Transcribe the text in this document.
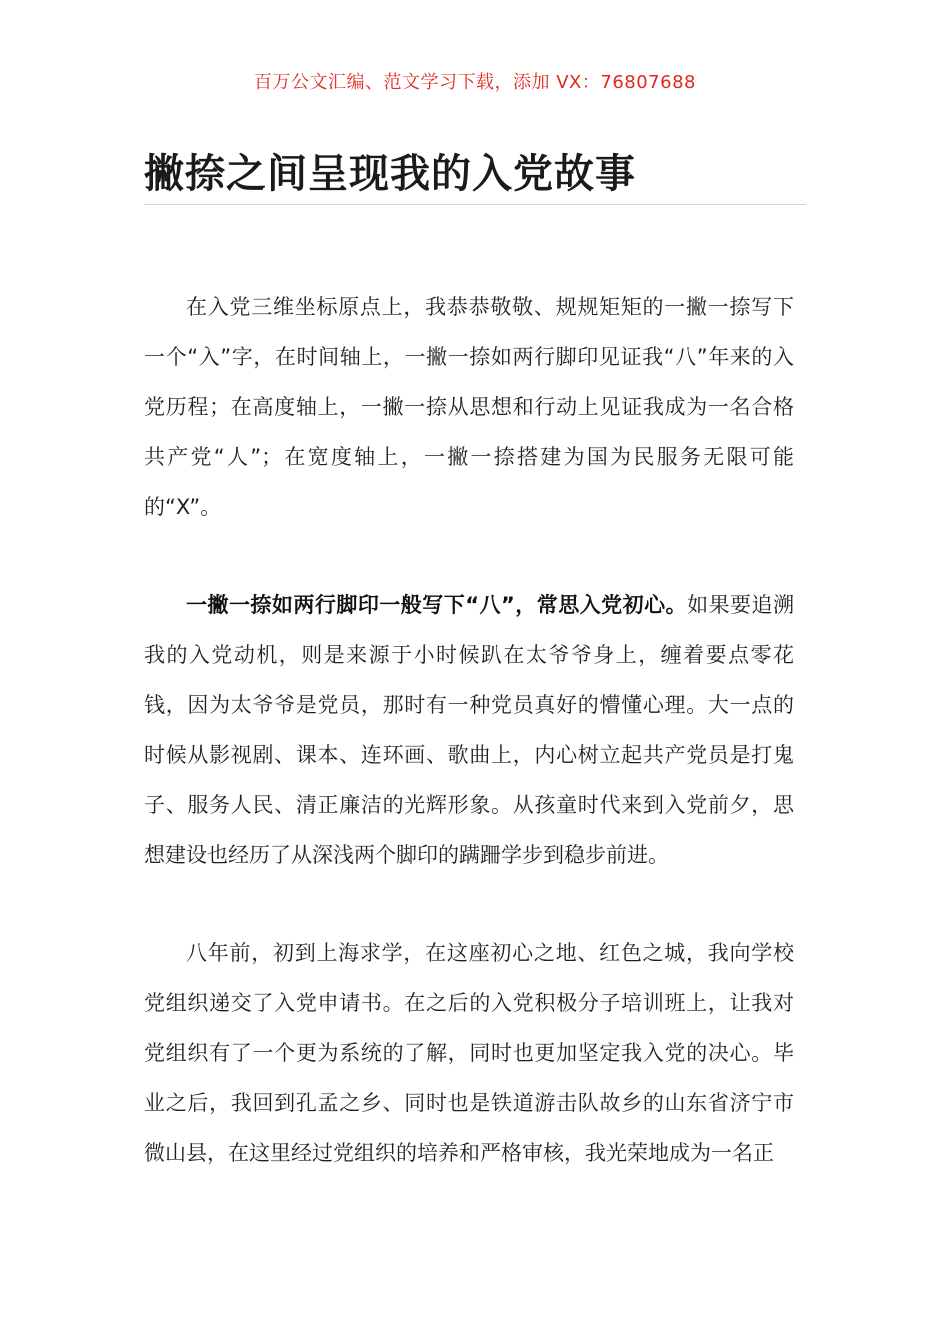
百万公文汇编、范文学习下载，添加 VX：76807688
撇捺之间呈现我的入党故事

在入党三维坐标原点上，我恭恭敬敬、规规矩矩的一撇一捺写下一个“入”字，在时间轴上，一撇一捺如两行脚印见证我“八”年来的入党历程；在高度轴上，一撇一捺从思想和行动上见证我成为一名合格共产党“人”；在宽度轴上，一撇一捺搭建为国为民服务无限可能的“X”。

一撇一捺如两行脚印一般写下“八”，常思入党初心。如果要追溯我的入党动机，则是来源于小时候趴在太爷爷身上，缠着要点零花钱，因为太爷爷是党员，那时有一种党员真好的懵懂心理。大一点的时候从影视剧、课本、连环画、歌曲上，内心树立起共产党员是打鬼子、服务人民、清正廉洁的光辉形象。从孩童时代来到入党前夕，思想建设也经历了从深浅两个脚印的蹒跚学步到稳步前进。

八年前，初到上海求学，在这座初心之地、红色之城，我向学校党组织递交了入党申请书。在之后的入党积极分子培训班上，让我对党组织有了一个更为系统的了解，同时也更加坚定我入党的决心。毕业之后，我回到孔孟之乡、同时也是铁道游击队故乡的山东省济宁市微山县，在这里经过党组织的培养和严格审核，我光荣地成为一名正
